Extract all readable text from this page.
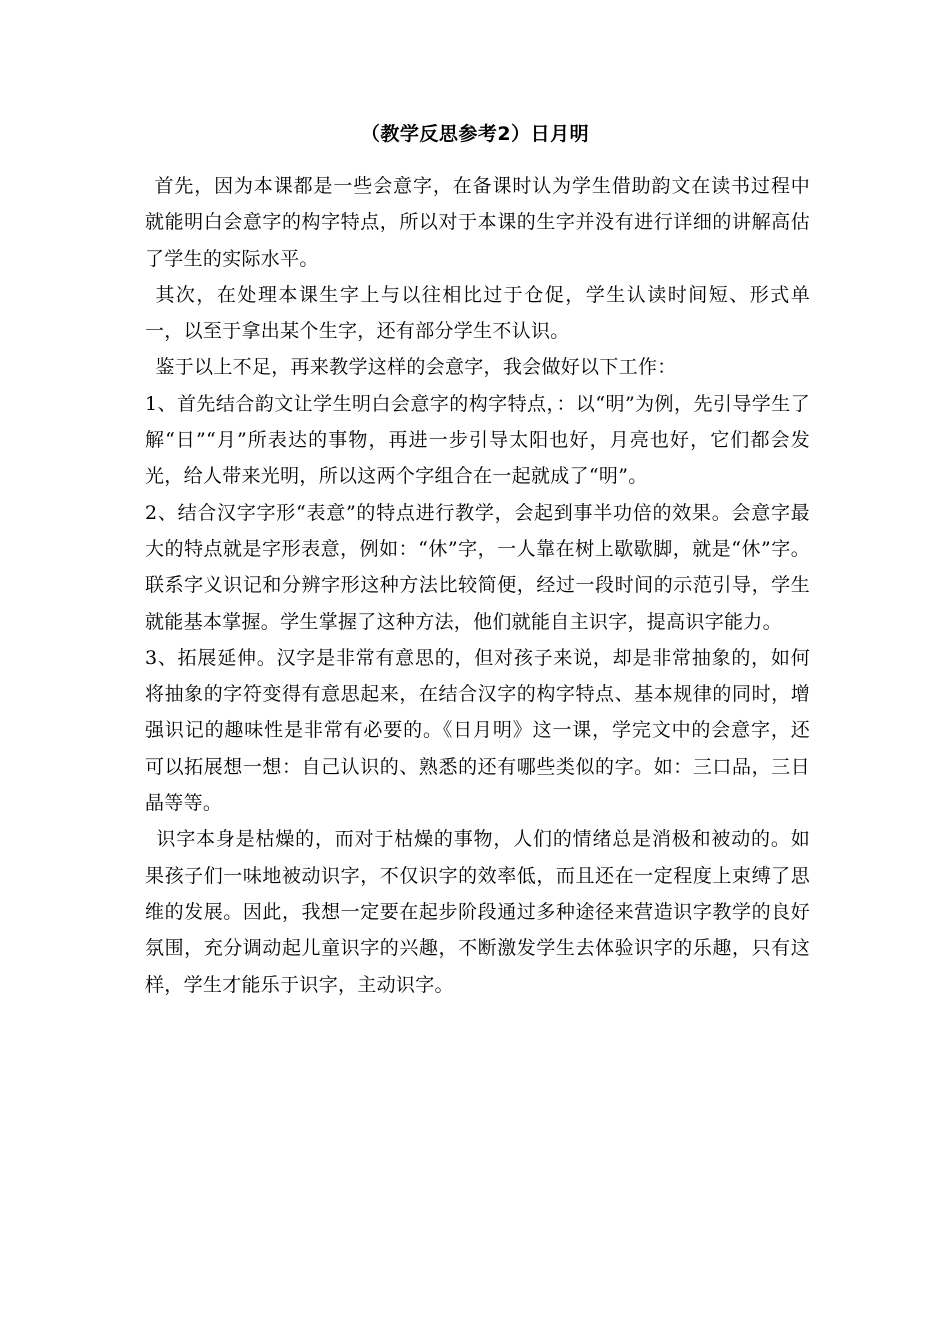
（教学反思参考2）日月明

首先，因为本课都是一些会意字，在备课时认为学生借助韵文在读书过程中就能明白会意字的构字特点，所以对于本课的生字并没有进行详细的讲解高估了学生的实际水平。

其次，在处理本课生字上与以往相比过于仓促，学生认读时间短、形式单一，以至于拿出某个生字，还有部分学生不认识。

鉴于以上不足，再来教学这样的会意字，我会做好以下工作：

1、首先结合韵文让学生明白会意字的构字特点，：以“明”为例，先引导学生了解“日”“月”所表达的事物，再进一步引导太阳也好，月亮也好，它们都会发光，给人带来光明，所以这两个字组合在一起就成了“明”。

2、结合汉字字形“表意”的特点进行教学，会起到事半功倍的效果。会意字最大的特点就是字形表意，例如：“休”字，一人靠在树上歇歇脚，就是“休”字。联系字义识记和分辨字形这种方法比较简便，经过一段时间的示范引导，学生就能基本掌握。学生掌握了这种方法，他们就能自主识字，提高识字能力。

3、拓展延伸。汉字是非常有意思的，但对孩子来说，却是非常抽象的，如何将抽象的字符变得有意思起来，在结合汉字的构字特点、基本规律的同时，增强识记的趣味性是非常有必要的。《日月明》这一课，学完文中的会意字，还可以拓展想一想：自己认识的、熟悉的还有哪些类似的字。如：三口品，三日晶等等。

识字本身是枯燥的，而对于枯燥的事物，人们的情绪总是消极和被动的。如果孩子们一味地被动识字，不仅识字的效率低，而且还在一定程度上束缚了思维的发展。因此，我想一定要在起步阶段通过多种途径来营造识字教学的良好氛围，充分调动起儿童识字的兴趣，不断激发学生去体验识字的乐趣，只有这样，学生才能乐于识字，主动识字。
